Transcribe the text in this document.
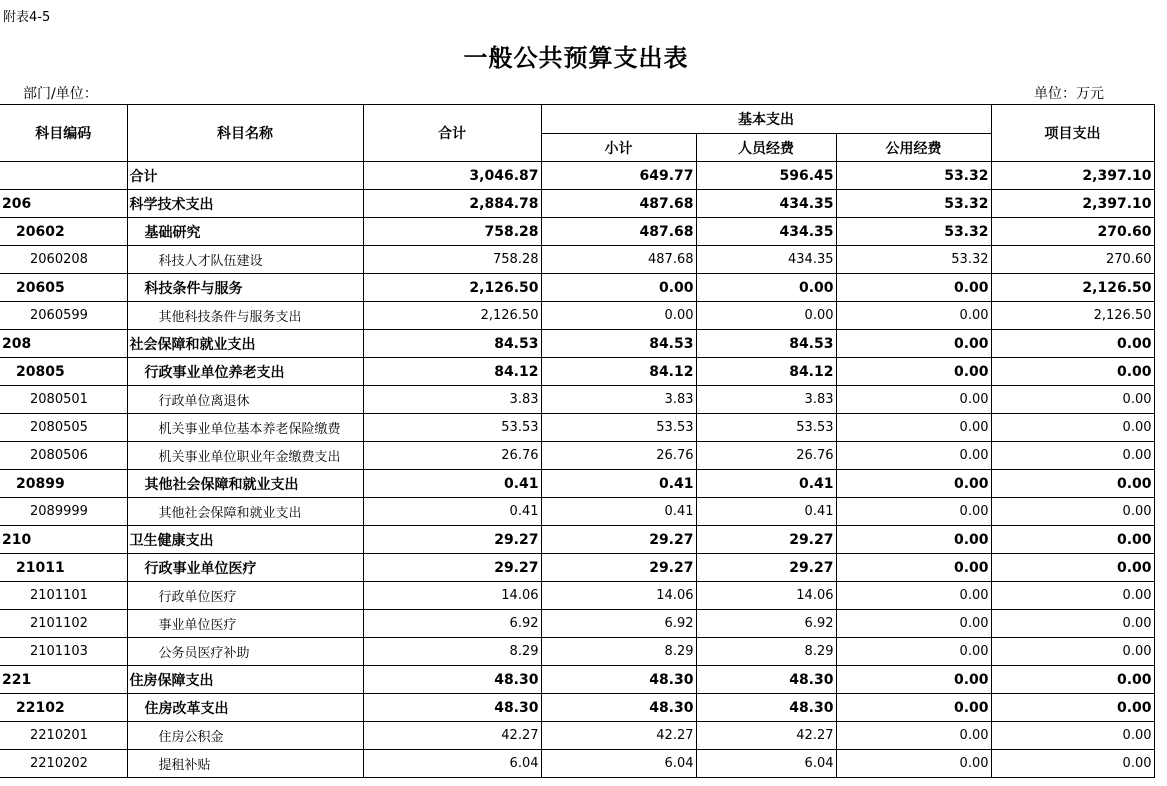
附表4-5
一般公共预算支出表
部门/单位：	单位：万元
科目编码	科目名称	合计	基本支出			项目支出
			小计	人员经费	公用经费	
	合计	3,046.87	649.77	596.45	53.32	2,397.10
206	科学技术支出	2,884.78	487.68	434.35	53.32	2,397.10
20602	基础研究	758.28	487.68	434.35	53.32	270.60
2060208	科技人才队伍建设	758.28	487.68	434.35	53.32	270.60
20605	科技条件与服务	2,126.50	0.00	0.00	0.00	2,126.50
2060599	其他科技条件与服务支出	2,126.50	0.00	0.00	0.00	2,126.50
208	社会保障和就业支出	84.53	84.53	84.53	0.00	0.00
20805	行政事业单位养老支出	84.12	84.12	84.12	0.00	0.00
2080501	行政单位离退休	3.83	3.83	3.83	0.00	0.00
2080505	机关事业单位基本养老保险缴费	53.53	53.53	53.53	0.00	0.00
2080506	机关事业单位职业年金缴费支出	26.76	26.76	26.76	0.00	0.00
20899	其他社会保障和就业支出	0.41	0.41	0.41	0.00	0.00
2089999	其他社会保障和就业支出	0.41	0.41	0.41	0.00	0.00
210	卫生健康支出	29.27	29.27	29.27	0.00	0.00
21011	行政事业单位医疗	29.27	29.27	29.27	0.00	0.00
2101101	行政单位医疗	14.06	14.06	14.06	0.00	0.00
2101102	事业单位医疗	6.92	6.92	6.92	0.00	0.00
2101103	公务员医疗补助	8.29	8.29	8.29	0.00	0.00
221	住房保障支出	48.30	48.30	48.30	0.00	0.00
22102	住房改革支出	48.30	48.30	48.30	0.00	0.00
2210201	住房公积金	42.27	42.27	42.27	0.00	0.00
2210202	提租补贴	6.04	6.04	6.04	0.00	0.00
